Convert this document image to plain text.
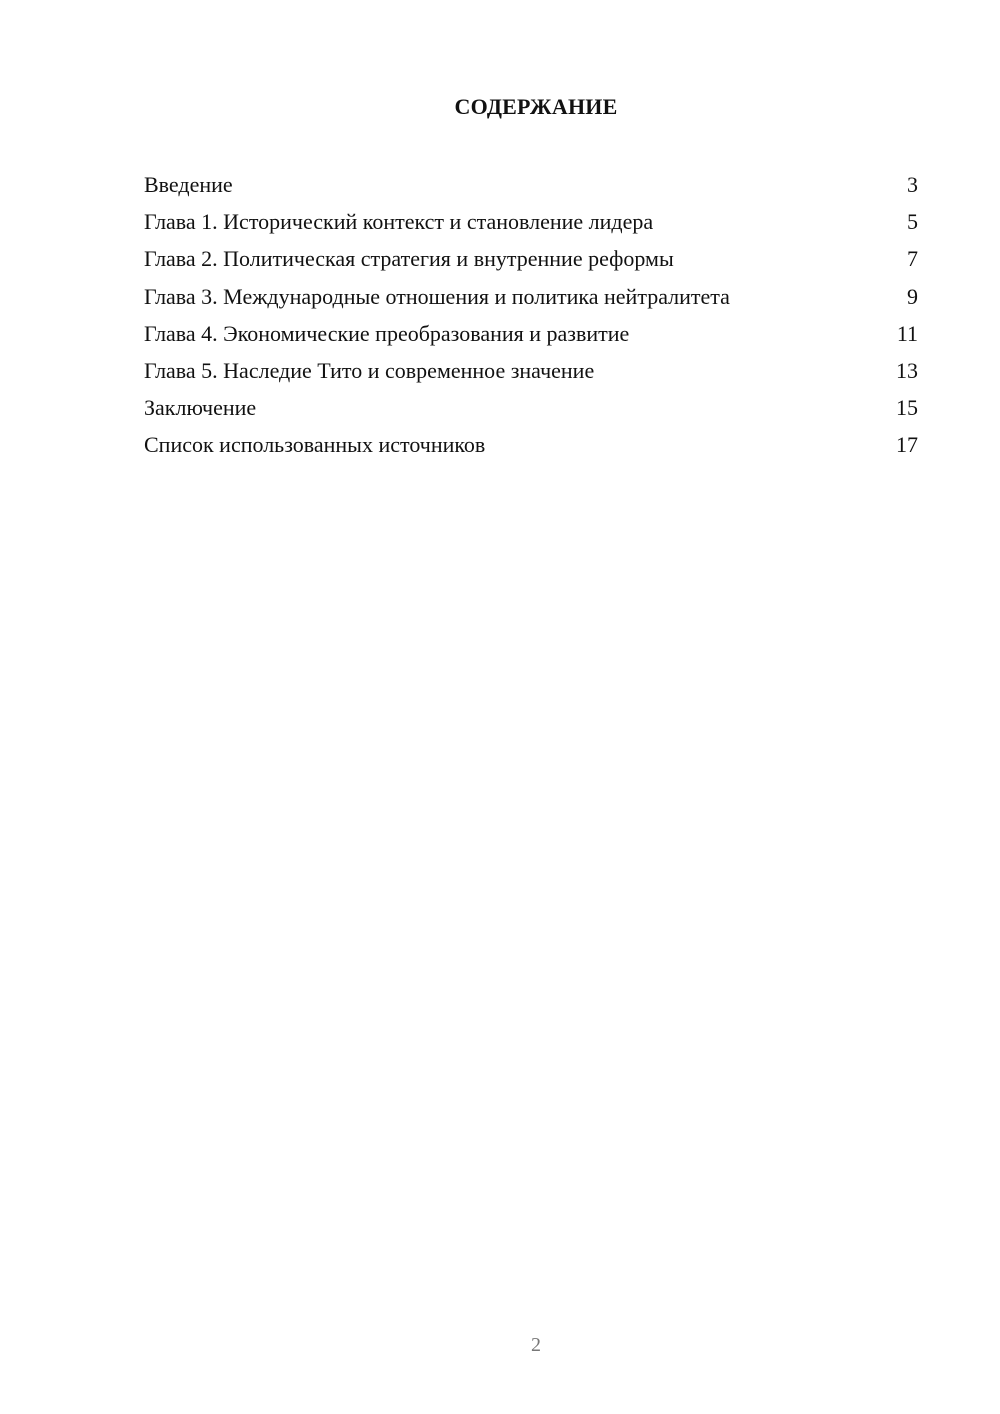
СОДЕРЖАНИЕ
Введение	3
Глава 1. Исторический контекст и становление лидера	5
Глава 2. Политическая стратегия и внутренние реформы	7
Глава 3. Международные отношения и политика нейтралитета	9
Глава 4. Экономические преобразования и развитие	11
Глава 5. Наследие Тито и современное значение	13
Заключение	15
Список использованных источников	17
2
